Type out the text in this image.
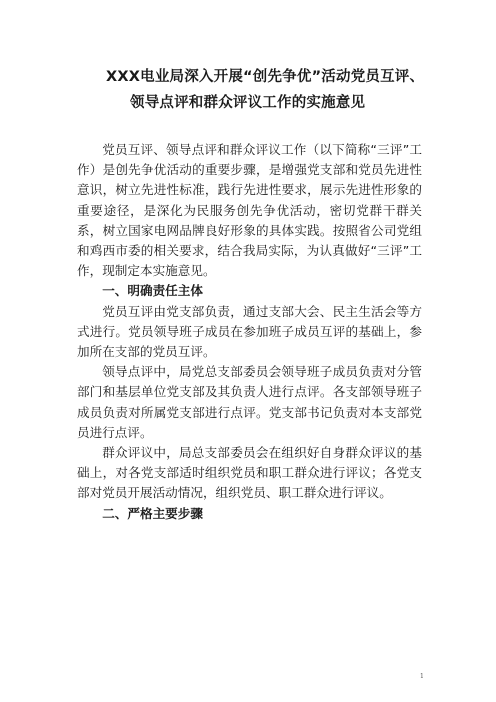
XXX电业局深入开展“创先争优”活动党员互评、
领导点评和群众评议工作的实施意见

党员互评、领导点评和群众评议工作（以下简称“三评”工作）是创先争优活动的重要步骤，是增强党支部和党员先进性意识，树立先进性标准，践行先进性要求，展示先进性形象的重要途径，是深化为民服务创先争优活动，密切党群干群关系，树立国家电网品牌良好形象的具体实践。按照省公司党组和鸡西市委的相关要求，结合我局实际，为认真做好“三评”工作，现制定本实施意见。

一、明确责任主体

党员互评由党支部负责，通过支部大会、民主生活会等方式进行。党员领导班子成员在参加班子成员互评的基础上，参加所在支部的党员互评。

领导点评中，局党总支部委员会领导班子成员负责对分管部门和基层单位党支部及其负责人进行点评。各支部领导班子成员负责对所属党支部进行点评。党支部书记负责对本支部党员进行点评。

群众评议中，局总支部委员会在组织好自身群众评议的基础上，对各党支部适时组织党员和职工群众进行评议；各党支部对党员开展活动情况，组织党员、职工群众进行评议。

二、严格主要步骤

1
